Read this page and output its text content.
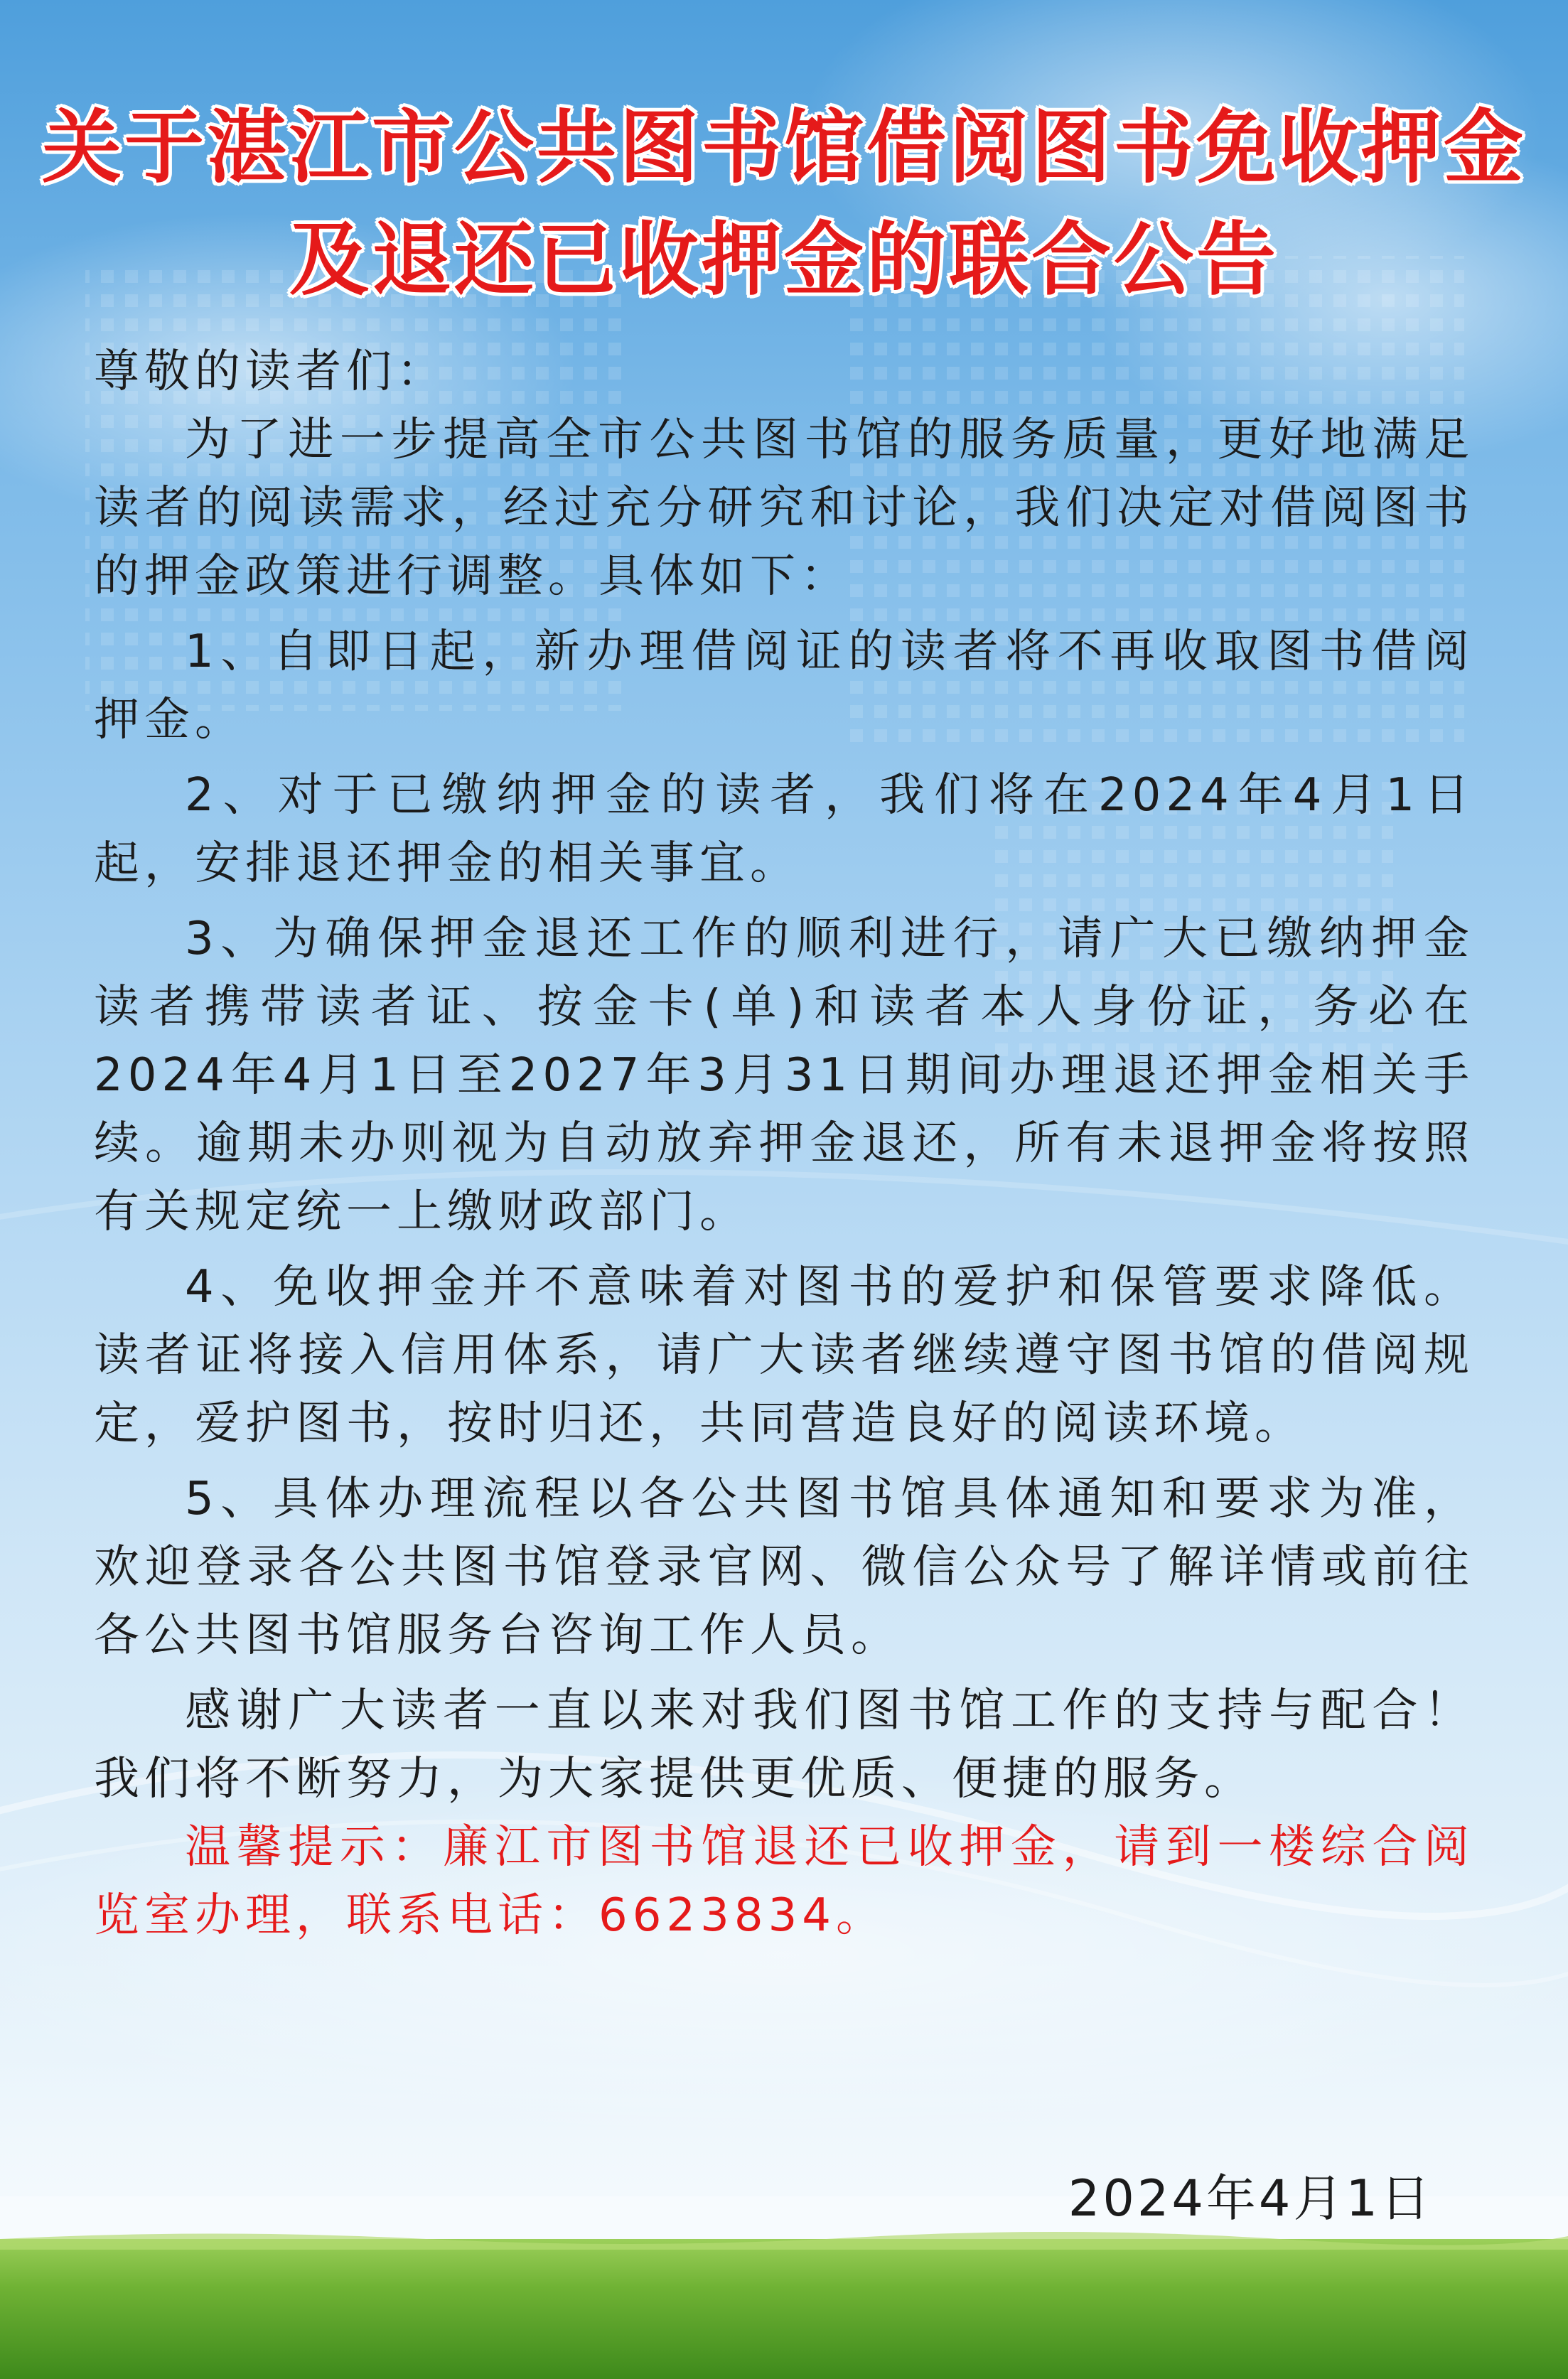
关于湛江市公共图书馆借阅图书免收押金
及退还已收押金的联合公告

尊敬的读者们：

为了进一步提高全市公共图书馆的服务质量，更好地满足读者的阅读需求，经过充分研究和讨论，我们决定对借阅图书的押金政策进行调整。具体如下：

1、自即日起，新办理借阅证的读者将不再收取图书借阅押金。

2、对于已缴纳押金的读者，我们将在2024年4月1日起，安排退还押金的相关事宜。

3、为确保押金退还工作的顺利进行，请广大已缴纳押金读者携带读者证、按金卡(单)和读者本人身份证，务必在2024年4月1日至2027年3月31日期间办理退还押金相关手续。逾期未办则视为自动放弃押金退还，所有未退押金将按照有关规定统一上缴财政部门。

4、免收押金并不意味着对图书的爱护和保管要求降低。读者证将接入信用体系，请广大读者继续遵守图书馆的借阅规定，爱护图书，按时归还，共同营造良好的阅读环境。

5、具体办理流程以各公共图书馆具体通知和要求为准，欢迎登录各公共图书馆登录官网、微信公众号了解详情或前往各公共图书馆服务台咨询工作人员。

感谢广大读者一直以来对我们图书馆工作的支持与配合！我们将不断努力，为大家提供更优质、便捷的服务。

温馨提示：廉江市图书馆退还已收押金，请到一楼综合阅览室办理，联系电话：6623834。

2024年4月1日
